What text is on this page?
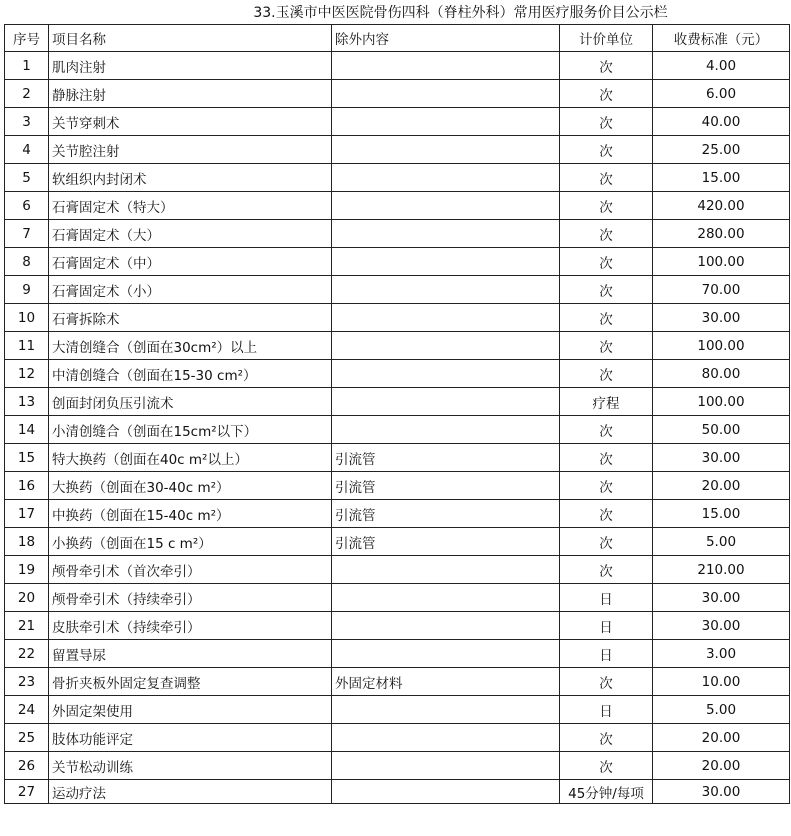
33.玉溪市中医医院骨伤四科（脊柱外科）常用医疗服务价目公示栏
序号	项目名称	除外内容	计价单位	收费标准（元）
1	肌肉注射		次	4.00
2	静脉注射		次	6.00
3	关节穿刺术		次	40.00
4	关节腔注射		次	25.00
5	软组织内封闭术		次	15.00
6	石膏固定术（特大）		次	420.00
7	石膏固定术（大）		次	280.00
8	石膏固定术（中）		次	100.00
9	石膏固定术（小）		次	70.00
10	石膏拆除术		次	30.00
11	大清创缝合（创面在30cm²）以上		次	100.00
12	中清创缝合（创面在15-30 cm²）		次	80.00
13	创面封闭负压引流术		疗程	100.00
14	小清创缝合（创面在15cm²以下）		次	50.00
15	特大换药（创面在40c m²以上）	引流管	次	30.00
16	大换药（创面在30-40c m²）	引流管	次	20.00
17	中换药（创面在15-40c m²）	引流管	次	15.00
18	小换药（创面在15 c m²）	引流管	次	5.00
19	颅骨牵引术（首次牵引）		次	210.00
20	颅骨牵引术（持续牵引）		日	30.00
21	皮肤牵引术（持续牵引）		日	30.00
22	留置导尿		日	3.00
23	骨折夹板外固定复查调整	外固定材料	次	10.00
24	外固定架使用		日	5.00
25	肢体功能评定		次	20.00
26	关节松动训练		次	20.00
27	运动疗法		45分钟/每项	30.00
